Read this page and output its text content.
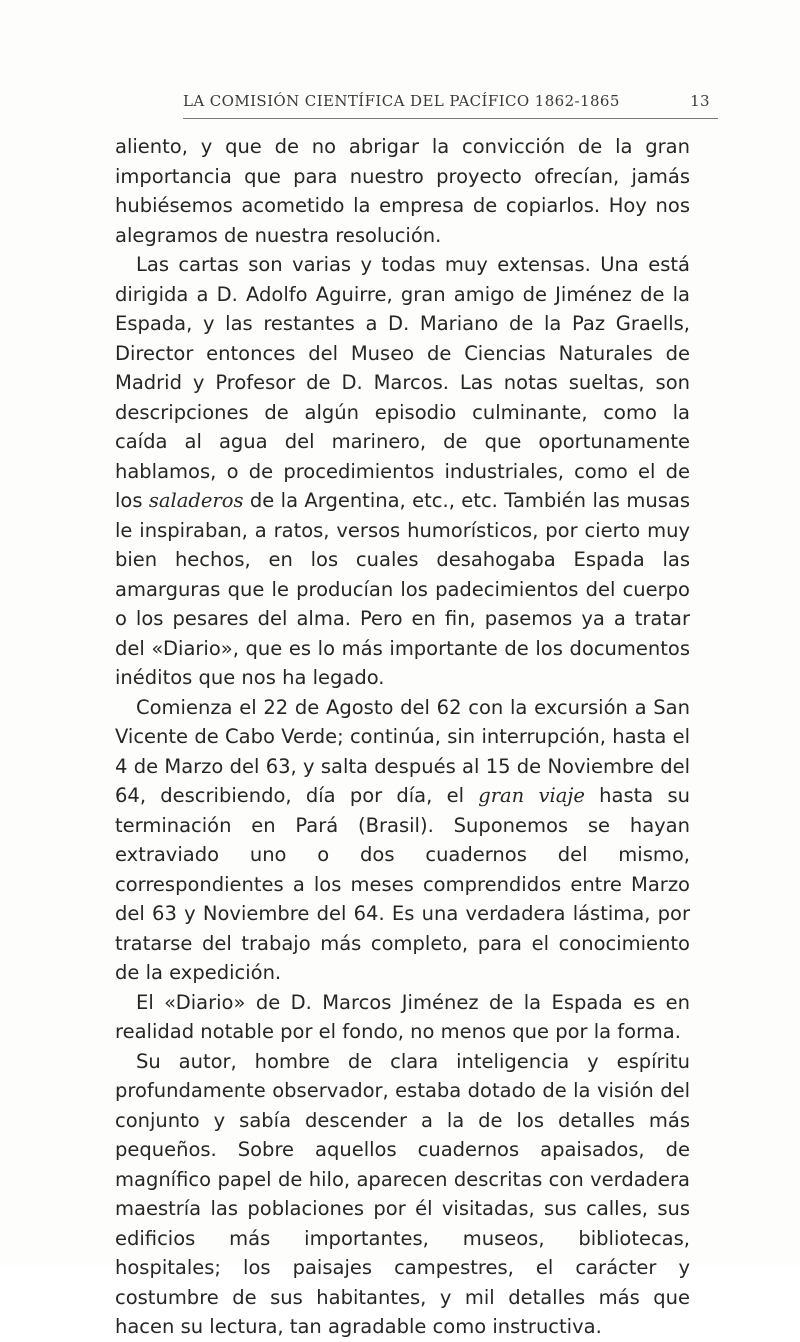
LA COMISIÓN CIENTÍFICA DEL PACÍFICO 1862-1865	13

aliento, y que de no abrigar la convicción de la gran importancia que para nuestro proyecto ofrecían, jamás hubiésemos acometido la empresa de copiarlos. Hoy nos alegramos de nuestra resolución.

Las cartas son varias y todas muy extensas. Una está dirigida a D. Adolfo Aguirre, gran amigo de Jiménez de la Espada, y las restantes a D. Mariano de la Paz Graells, Director entonces del Museo de Ciencias Naturales de Madrid y Profesor de D. Marcos. Las notas sueltas, son descripciones de algún episodio culminante, como la caída al agua del marinero, de que oportunamente hablamos, o de procedimientos industriales, como el de los saladeros de la Argentina, etc., etc. También las musas le inspiraban, a ratos, versos humorísticos, por cierto muy bien hechos, en los cuales desahogaba Espada las amarguras que le producían los padecimientos del cuerpo o los pesares del alma. Pero en fin, pasemos ya a tratar del «Diario», que es lo más importante de los documentos inéditos que nos ha legado.

Comienza el 22 de Agosto del 62 con la excursión a San Vicente de Cabo Verde; continúa, sin interrupción, hasta el 4 de Marzo del 63, y salta después al 15 de Noviembre del 64, describiendo, día por día, el gran viaje hasta su terminación en Pará (Brasil). Suponemos se hayan extraviado uno o dos cuadernos del mismo, correspondientes a los meses comprendidos entre Marzo del 63 y Noviembre del 64. Es una verdadera lástima, por tratarse del trabajo más completo, para el conocimiento de la expedición.

El «Diario» de D. Marcos Jiménez de la Espada es en realidad notable por el fondo, no menos que por la forma.

Su autor, hombre de clara inteligencia y espíritu profundamente observador, estaba dotado de la visión del conjunto y sabía descender a la de los detalles más pequeños. Sobre aquellos cuadernos apaisados, de magnífico papel de hilo, aparecen descritas con verdadera maestría las poblaciones por él visitadas, sus calles, sus edificios más importantes, museos, bibliotecas, hospitales; los paisajes campestres, el carácter y costumbre de sus habitantes, y mil detalles más que hacen su lectura, tan agradable como instructiva.
